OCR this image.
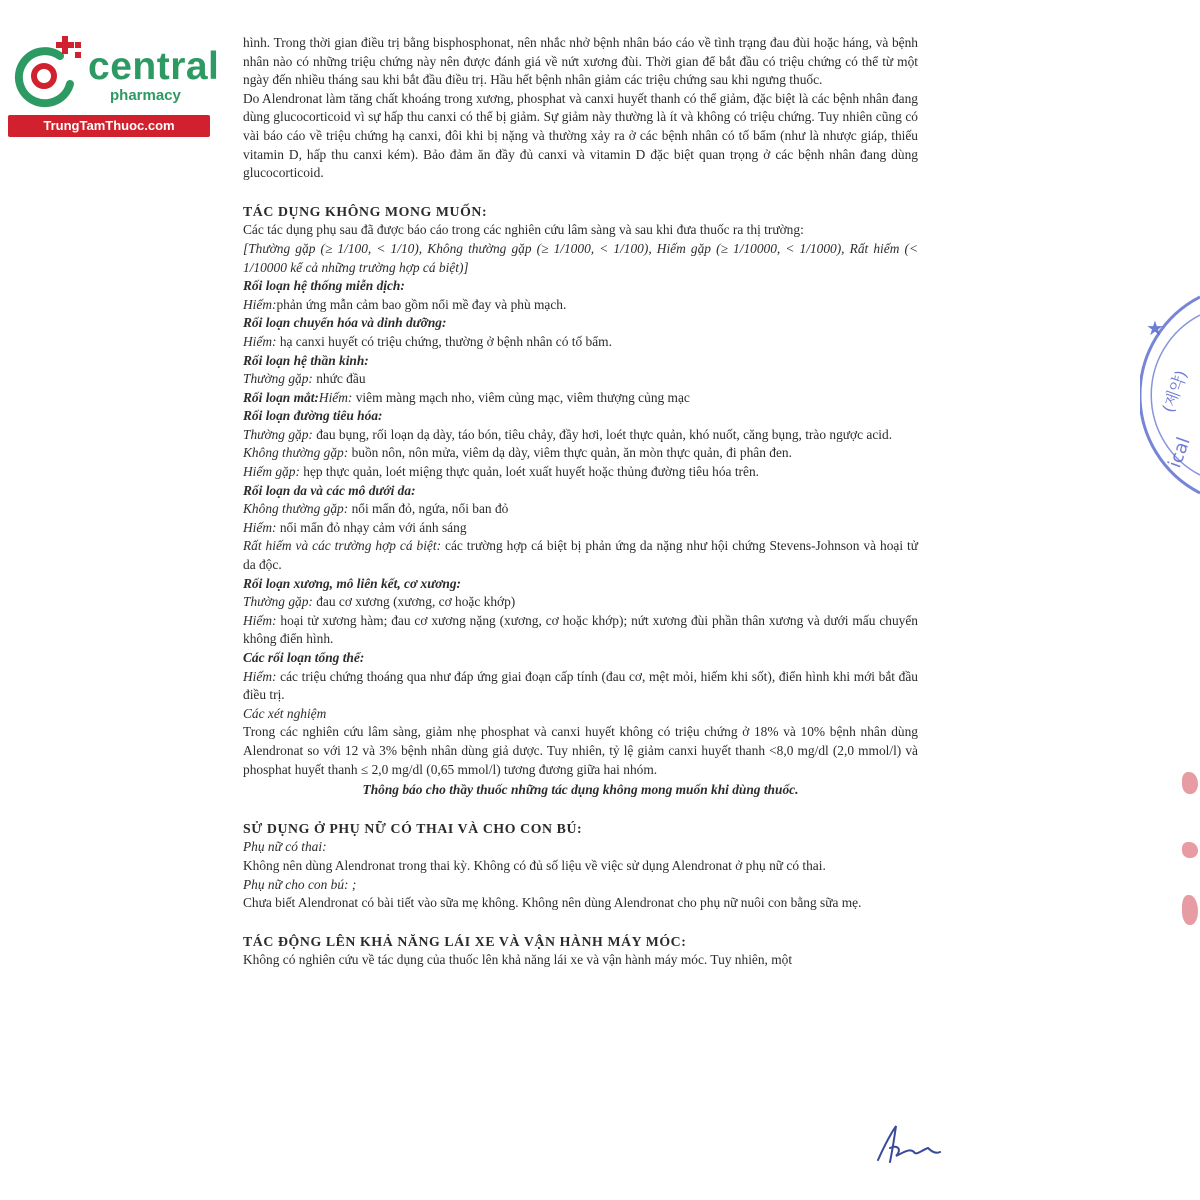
central
pharmacy
TrungTamThuoc.com

hình. Trong thời gian điều trị bằng bisphosphonat, nên nhắc nhở bệnh nhân báo cáo về tình trạng đau đùi hoặc háng, và bệnh nhân nào có những triệu chứng này nên được đánh giá về nứt xương đùi. Thời gian để bắt đầu có triệu chứng có thể từ một ngày đến nhiều tháng sau khi bắt đầu điều trị. Hầu hết bệnh nhân giảm các triệu chứng sau khi ngưng thuốc.

Do Alendronat làm tăng chất khoáng trong xương, phosphat và canxi huyết thanh có thể giảm, đặc biệt là các bệnh nhân đang dùng glucocorticoid vì sự hấp thu canxi có thể bị giảm. Sự giảm này thường là ít và không có triệu chứng. Tuy nhiên cũng có vài báo cáo về triệu chứng hạ canxi, đôi khi bị nặng và thường xảy ra ở các bệnh nhân có tố bẩm (như là nhược giáp, thiếu vitamin D, hấp thu canxi kém). Bảo đảm ăn đầy đủ canxi và vitamin D đặc biệt quan trọng ở các bệnh nhân đang dùng glucocorticoid.

TÁC DỤNG KHÔNG MONG MUỐN:

Các tác dụng phụ sau đã được báo cáo trong các nghiên cứu lâm sàng và sau khi đưa thuốc ra thị trường:

[Thường gặp (≥ 1/100, < 1/10), Không thường gặp (≥ 1/1000, < 1/100), Hiếm gặp (≥ 1/10000, < 1/1000), Rất hiếm (< 1/10000 kể cả những trường hợp cá biệt)]

Rối loạn hệ thống miễn dịch:

Hiếm:phản ứng mẫn cảm bao gồm nổi mề đay và phù mạch.

Rối loạn chuyển hóa và dinh dưỡng:

Hiếm: hạ canxi huyết có triệu chứng, thường ở bệnh nhân có tố bẩm.

Rối loạn hệ thần kinh:

Thường gặp: nhức đầu

Rối loạn mắt:Hiếm: viêm màng mạch nho, viêm củng mạc, viêm thượng củng mạc

Rối loạn đường tiêu hóa:

Thường gặp: đau bụng, rối loạn dạ dày, táo bón, tiêu chảy, đầy hơi, loét thực quản, khó nuốt, căng bụng, trào ngược acid.

Không thường gặp: buồn nôn, nôn mửa, viêm dạ dày, viêm thực quản, ăn mòn thực quản, đi phân đen.

Hiếm gặp: hẹp thực quản, loét miệng thực quản, loét xuất huyết hoặc thủng đường tiêu hóa trên.

Rối loạn da và các mô dưới da:

Không thường gặp: nổi mẩn đỏ, ngứa, nổi ban đỏ

Hiếm: nổi mẩn đỏ nhạy cảm với ánh sáng

Rất hiếm và các trường hợp cá biệt: các trường hợp cá biệt bị phản ứng da nặng như hội chứng Stevens-Johnson và hoại tử da độc.

Rối loạn xương, mô liên kết, cơ xương:

Thường gặp: đau cơ xương (xương, cơ hoặc khớp)

Hiếm: hoại tử xương hàm; đau cơ xương nặng (xương, cơ hoặc khớp); nứt xương đùi phần thân xương và dưới mấu chuyển không điển hình.

Các rối loạn tổng thể:

Hiếm: các triệu chứng thoáng qua như đáp ứng giai đoạn cấp tính (đau cơ, mệt mỏi, hiếm khi sốt), điển hình khi mới bắt đầu điều trị.

Các xét nghiệm

Trong các nghiên cứu lâm sàng, giảm nhẹ phosphat và canxi huyết không có triệu chứng ở 18% và 10% bệnh nhân dùng Alendronat so với 12 và 3% bệnh nhân dùng giả dược. Tuy nhiên, tỷ lệ giảm canxi huyết thanh <8,0 mg/dl (2,0 mmol/l) và phosphat huyết thanh ≤ 2,0 mg/dl (0,65 mmol/l) tương đương giữa hai nhóm.

Thông báo cho thầy thuốc những tác dụng không mong muốn khi dùng thuốc.

SỬ DỤNG Ở PHỤ NỮ CÓ THAI VÀ CHO CON BÚ:

Phụ nữ có thai:

Không nên dùng Alendronat trong thai kỳ. Không có đủ số liệu về việc sử dụng Alendronat ở phụ nữ có thai.

Phụ nữ cho con bú: ;

Chưa biết Alendronat có bài tiết vào sữa mẹ không. Không nên dùng Alendronat cho phụ nữ nuôi con bằng sữa mẹ.

TÁC ĐỘNG LÊN KHẢ NĂNG LÁI XE VÀ VẬN HÀNH MÁY MÓC:

Không có nghiên cứu về tác dụng của thuốc lên khả năng lái xe và vận hành máy móc. Tuy nhiên, một

★
(제약)
ical
